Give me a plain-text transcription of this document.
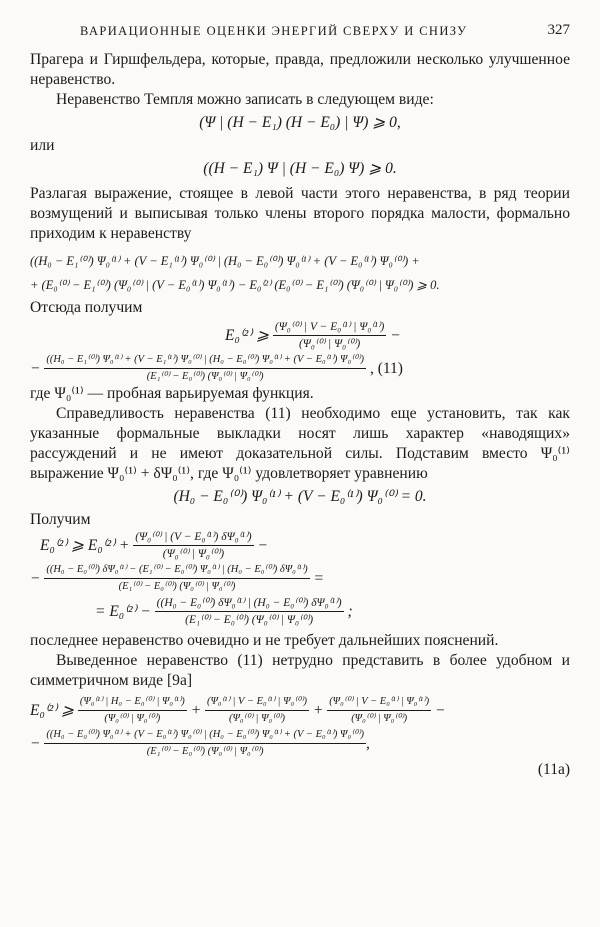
ВАРИАЦИОННЫЕ ОЦЕНКИ ЭНЕРГИЙ СВЕРХУ И СНИЗУ	327

Прагера и Гиршфельдера, которые, правда, предложили несколько улучшенное неравенство.

Неравенство Темпля можно записать в следующем виде:

(Ψ | (H − E₁) (H − E₀) | Ψ) ⩾ 0,

или

((H − E₁) Ψ | (H − E₀) Ψ) ⩾ 0.

Разлагая выражение, стоящее в левой части этого неравенства, в ряд теории возмущений и выписывая только члены второго порядка малости, формально приходим к неравенству

((H₀ − E₁⁽⁰⁾) Ψ₀⁽¹⁾ + (V − E₁⁽¹⁾) Ψ₀⁽⁰⁾ | (H₀ − E₀⁽⁰⁾) Ψ₀⁽¹⁾ + (V − E₀⁽¹⁾) Ψ₀⁽⁰⁾) +
+ (E₀⁽⁰⁾ − E₁⁽⁰⁾) (Ψ₀⁽⁰⁾ | (V − E₀⁽¹⁾) Ψ₀⁽¹⁾) − E₀⁽²⁾ (E₀⁽⁰⁾ − E₁⁽⁰⁾) (Ψ₀⁽⁰⁾ | Ψ₀⁽⁰⁾) ⩾ 0.

Отсюда получим

E₀⁽²⁾ ⩾
$\frac{\text{(Ψ₀⁽⁰⁾ | V − E₀⁽¹⁾ | Ψ₀⁽¹⁾)}}{\text{(Ψ₀⁽⁰⁾ | Ψ₀⁽⁰⁾)}}$
−
−
((H₀ − E₁⁽⁰⁾) Ψ₀⁽¹⁾ + (V − E₁⁽¹⁾) Ψ₀⁽⁰⁾ | (H₀ − E₀⁽⁰⁾) Ψ₀⁽¹⁾ + (V − E₀⁽¹⁾) Ψ₀⁽⁰⁾)
(E₁⁽⁰⁾ − E₀⁽⁰⁾) (Ψ₀⁽⁰⁾ | Ψ₀⁽⁰⁾)	, (11)

где Ψ₀⁽¹⁾ — пробная варьируемая функция.

Справедливость неравенства (11) необходимо еще установить, так как указанные формальные выкладки носят лишь характер «наводящих» рассуждений и не имеют доказательной силы. Подставим вместо Ψ₀⁽¹⁾ выражение Ψ₀⁽¹⁾ + δΨ₀⁽¹⁾, где Ψ₀⁽¹⁾ удовлетворяет уравнению

(H₀ − E₀⁽⁰⁾) Ψ₀⁽¹⁾ + (V − E₀⁽¹⁾) Ψ₀⁽⁰⁾ = 0.

Получим

E₀⁽²⁾ ⩾ E₀⁽²⁾ +
$\frac{\text{(Ψ₀⁽⁰⁾ | (V − E₀⁽¹⁾) δΨ₀⁽¹⁾)}}{\text{(Ψ₀⁽⁰⁾ | Ψ₀⁽⁰⁾)}}$ −
− ((H₀ − E₀⁽⁰⁾) δΨ₀⁽¹⁾ − (E₁⁽⁰⁾ − E₀⁽⁰⁾) Ψ₀⁽¹⁾ | (H₀ − E₀⁽⁰⁾) δΨ₀⁽¹⁾)
(E₁⁽⁰⁾ − E₀⁽⁰⁾) (Ψ₀⁽⁰⁾ | Ψ₀⁽⁰⁾)	=
= E₀⁽²⁾ −
$\frac{\text{((H₀ − E₀⁽⁰⁾) δΨ₀⁽¹⁾ | (H₀ − E₀⁽⁰⁾) δΨ₀⁽¹⁾)}}{\text{(E₁⁽⁰⁾ − E₀⁽⁰⁾) (Ψ₀⁽⁰⁾ | Ψ₀⁽⁰⁾)}}$ ;

последнее неравенство очевидно и не требует дальнейших пояснений.

Выведенное неравенство (11) нетрудно представить в более удобном и симметричном виде [9а]

E₀⁽²⁾ ⩾
$\frac{\text{(Ψ₀⁽¹⁾ | H₀ − E₀⁽⁰⁾ | Ψ₀⁽¹⁾)}}{\text{(Ψ₀⁽⁰⁾ | Ψ₀⁽⁰⁾)}} + \frac{\text{(Ψ₀⁽¹⁾ | V − E₀⁽¹⁾ | Ψ₀⁽⁰⁾)}}{\text{(Ψ₀⁽⁰⁾ | Ψ₀⁽⁰⁾)}} + \frac{\text{(Ψ₀⁽⁰⁾ | V − E₀⁽¹⁾ | Ψ₀⁽¹⁾)}}{\text{(Ψ₀⁽⁰⁾ | Ψ₀⁽⁰⁾)}}$ −
− ((H₀ − E₀⁽⁰⁾) Ψ₀⁽¹⁾ + (V − E₀⁽¹⁾) Ψ₀⁽⁰⁾ | (H₀ − E₀⁽⁰⁾) Ψ₀⁽¹⁾ + (V − E₀⁽¹⁾) Ψ₀⁽⁰⁾)
(E₁⁽⁰⁾ − E₀⁽⁰⁾) (Ψ₀⁽⁰⁾ | Ψ₀⁽⁰⁾)	,
(11а)
